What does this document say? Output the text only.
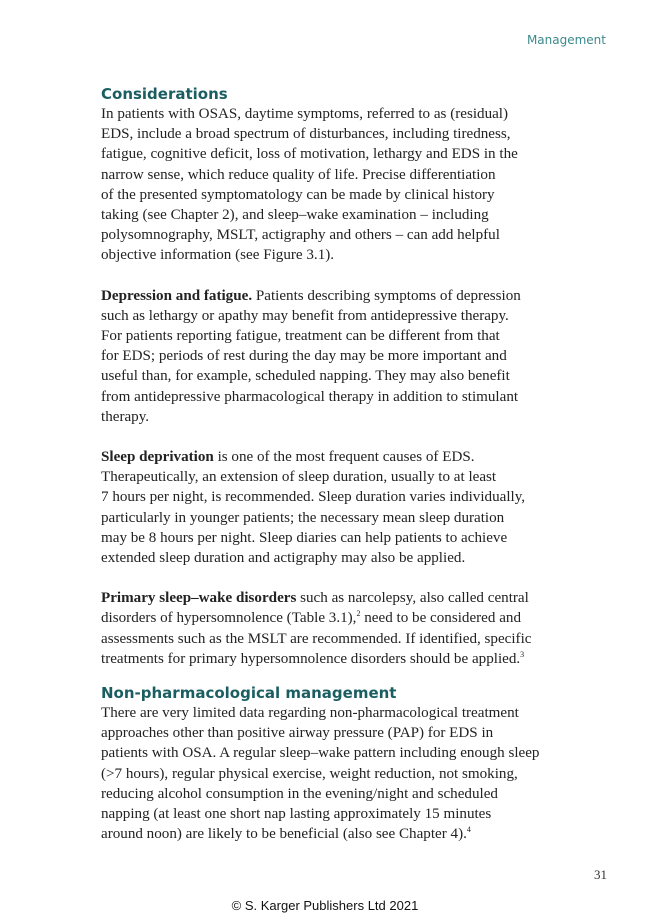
Management
Considerations
In patients with OSAS, daytime symptoms, referred to as (residual)
EDS, include a broad spectrum of disturbances, including tiredness,
fatigue, cognitive deficit, loss of motivation, lethargy and EDS in the
narrow sense, which reduce quality of life. Precise differentiation
of the presented symptomatology can be made by clinical history
taking (see Chapter 2), and sleep–wake examination – including
polysomnography, MSLT, actigraphy and others – can add helpful
objective information (see Figure 3.1).
Depression and fatigue. Patients describing symptoms of depression
such as lethargy or apathy may benefit from antidepressive therapy.
For patients reporting fatigue, treatment can be different from that
for EDS; periods of rest during the day may be more important and
useful than, for example, scheduled napping. They may also benefit
from antidepressive pharmacological therapy in addition to stimulant
therapy.
Sleep deprivation is one of the most frequent causes of EDS.
Therapeutically, an extension of sleep duration, usually to at least
7 hours per night, is recommended. Sleep duration varies individually,
particularly in younger patients; the necessary mean sleep duration
may be 8 hours per night. Sleep diaries can help patients to achieve
extended sleep duration and actigraphy may also be applied.
Primary sleep–wake disorders such as narcolepsy, also called central
disorders of hypersomnolence (Table 3.1),$^2$ need to be considered and
assessments such as the MSLT are recommended. If identified, specific
treatments for primary hypersomnolence disorders should be applied.$^3$
Non-pharmacological management
There are very limited data regarding non-pharmacological treatment
approaches other than positive airway pressure (PAP) for EDS in
patients with OSA. A regular sleep–wake pattern including enough sleep
(>7 hours), regular physical exercise, weight reduction, not smoking,
reducing alcohol consumption in the evening/night and scheduled
napping (at least one short nap lasting approximately 15 minutes
around noon) are likely to be beneficial (also see Chapter 4).$^4$
31
© S. Karger Publishers Ltd 2021
